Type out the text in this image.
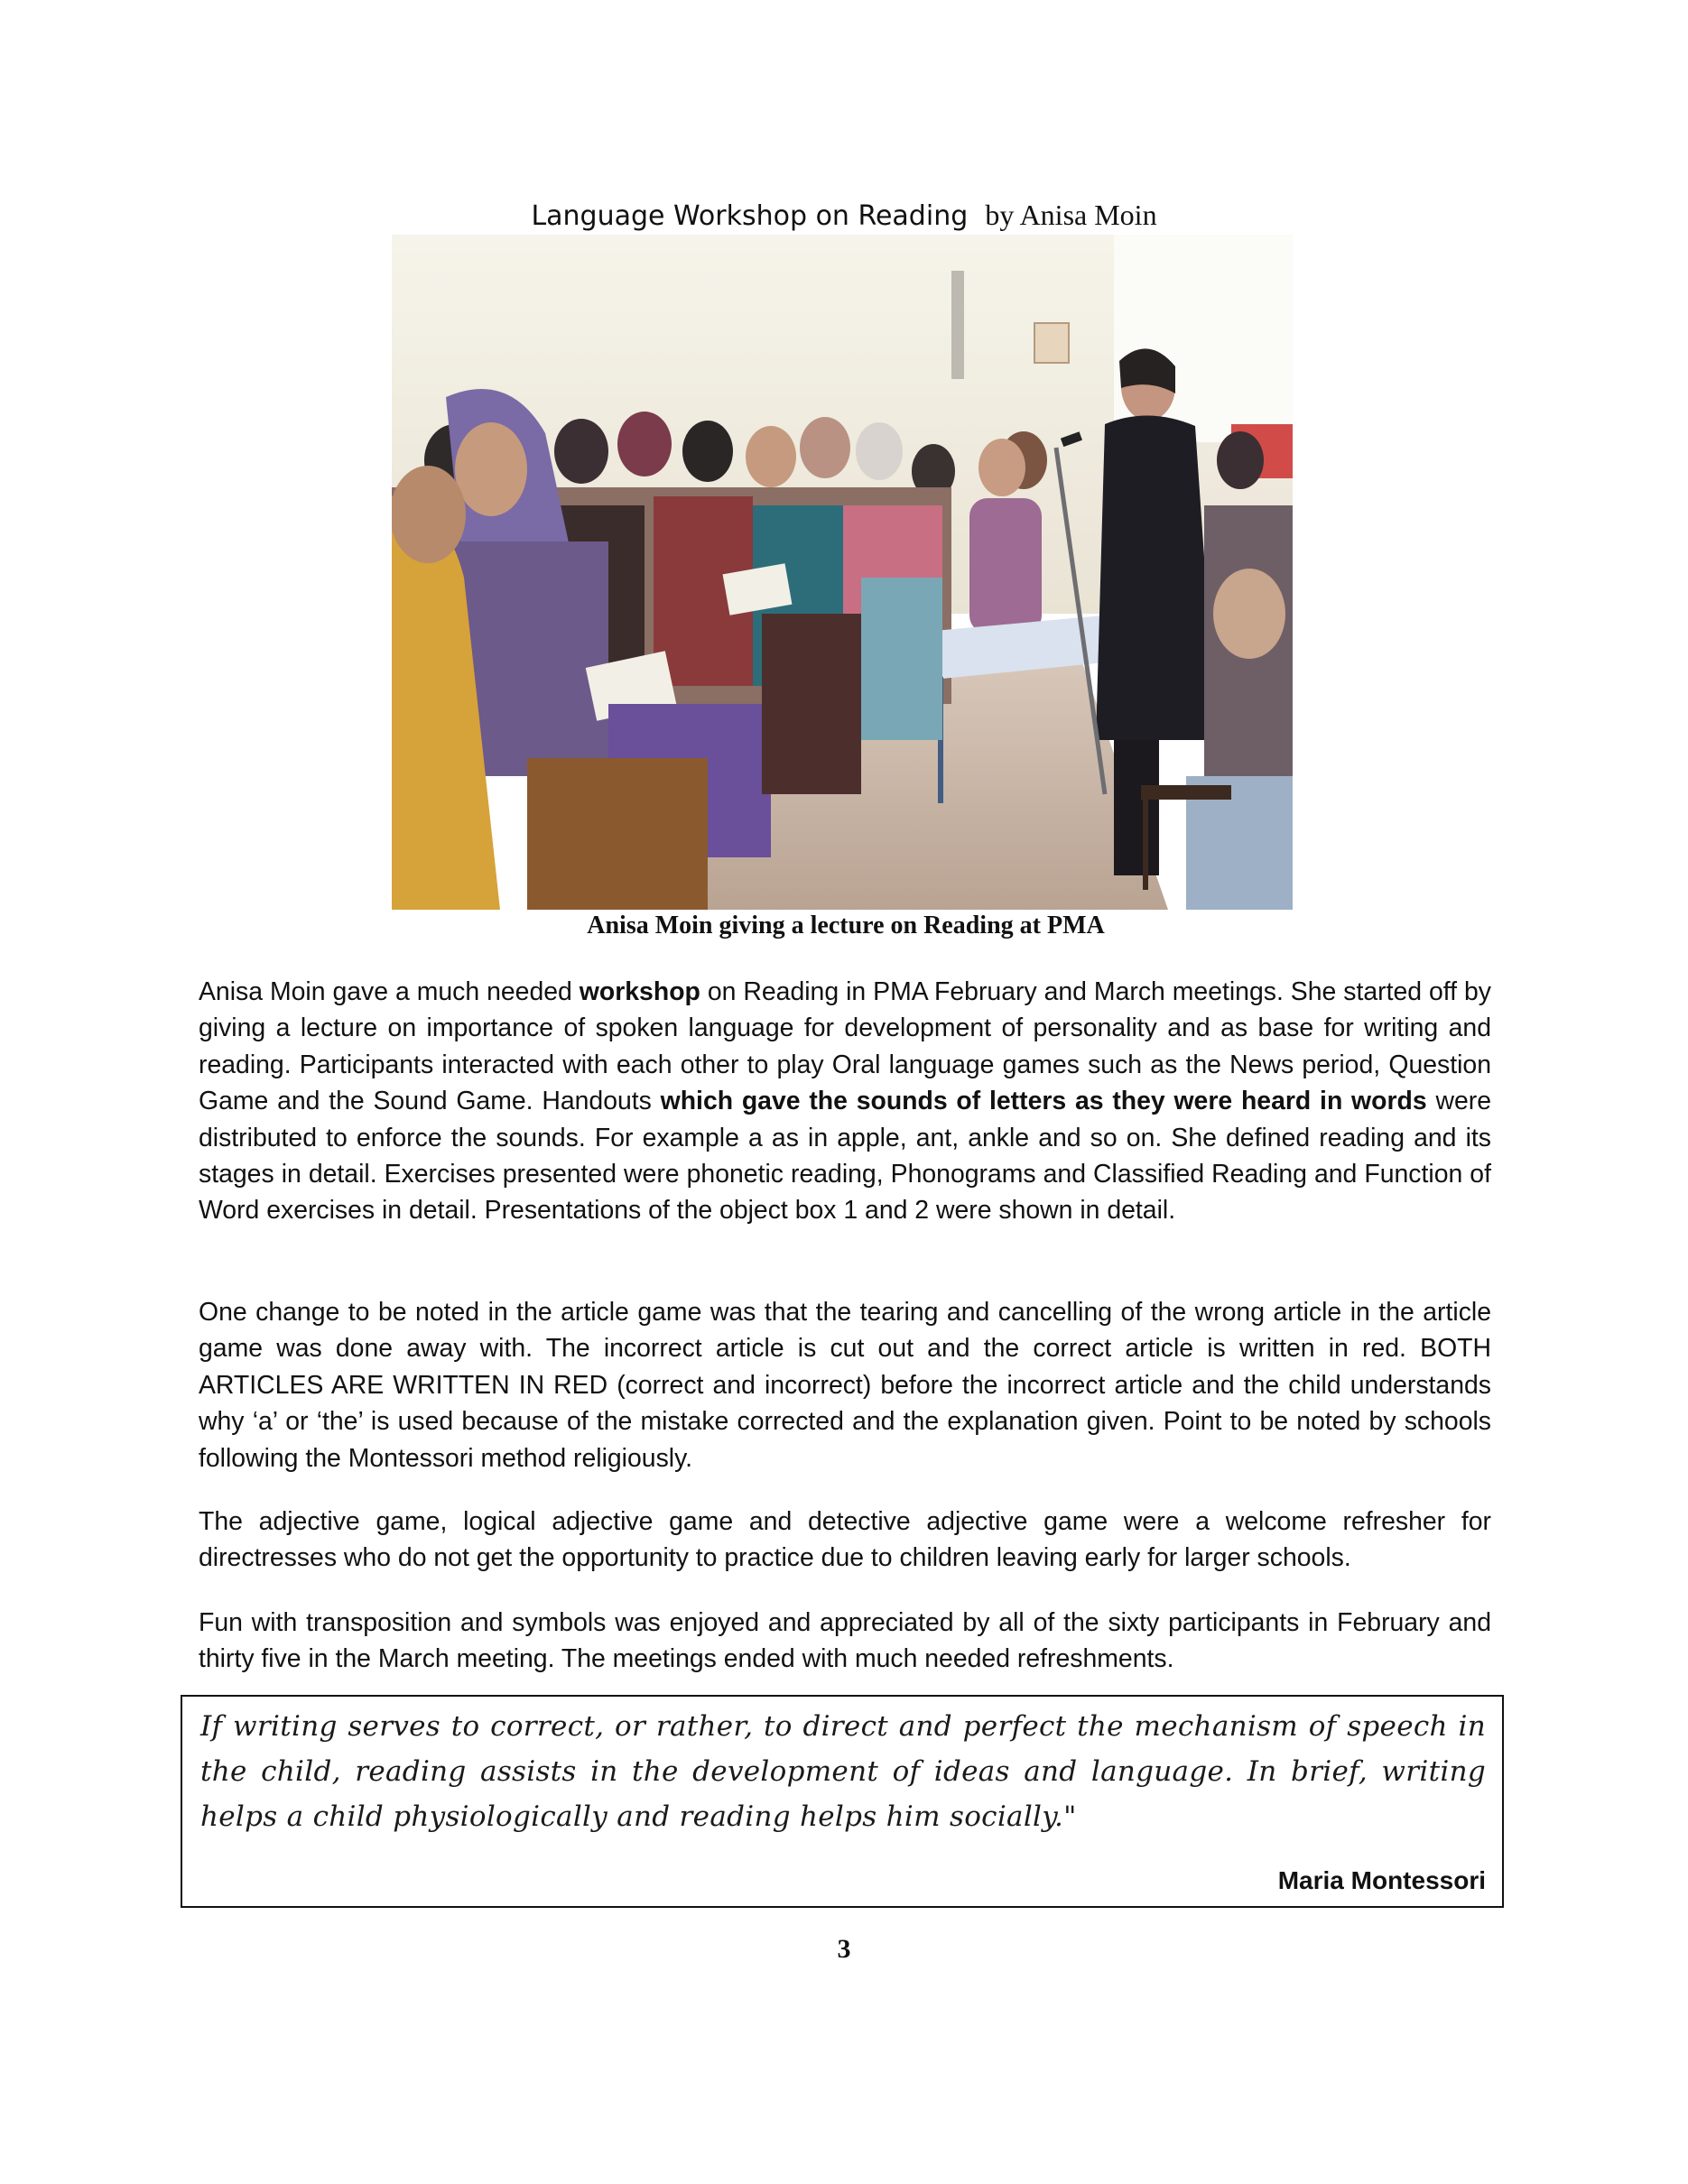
Language Workshop on Reading by Anisa Moin
Anisa Moin giving a lecture on Reading at PMA

Anisa Moin gave a much needed workshop on Reading in PMA February and March meetings. She started off by giving a lecture on importance of spoken language for development of personality and as base for writing and reading. Participants interacted with each other to play Oral language games such as the News period, Question Game and the Sound Game. Handouts which gave the sounds of letters as they were heard in words were distributed to enforce the sounds. For example a as in apple, ant, ankle and so on. She defined reading and its stages in detail. Exercises presented were phonetic reading, Phonograms and Classified Reading and Function of Word exercises in detail. Presentations of the object box 1 and 2 were shown in detail.

One change to be noted in the article game was that the tearing and cancelling of the wrong article in the article game was done away with. The incorrect article is cut out and the correct article is written in red. BOTH ARTICLES ARE WRITTEN IN RED (correct and incorrect) before the incorrect article and the child understands why ‘a’ or ‘the’ is used because of the mistake corrected and the explanation given. Point to be noted by schools following the Montessori method religiously.

The adjective game, logical adjective game and detective adjective game were a welcome refresher for directresses who do not get the opportunity to practice due to children leaving early for larger schools.

Fun with transposition and symbols was enjoyed and appreciated by all of the sixty participants in February and thirty five in the March meeting. The meetings ended with much needed refreshments.

If writing serves to correct, or rather, to direct and perfect the mechanism of speech in the child, reading assists in the development of ideas and language. In brief, writing helps a child physiologically and reading helps him socially."

Maria Montessori
3
